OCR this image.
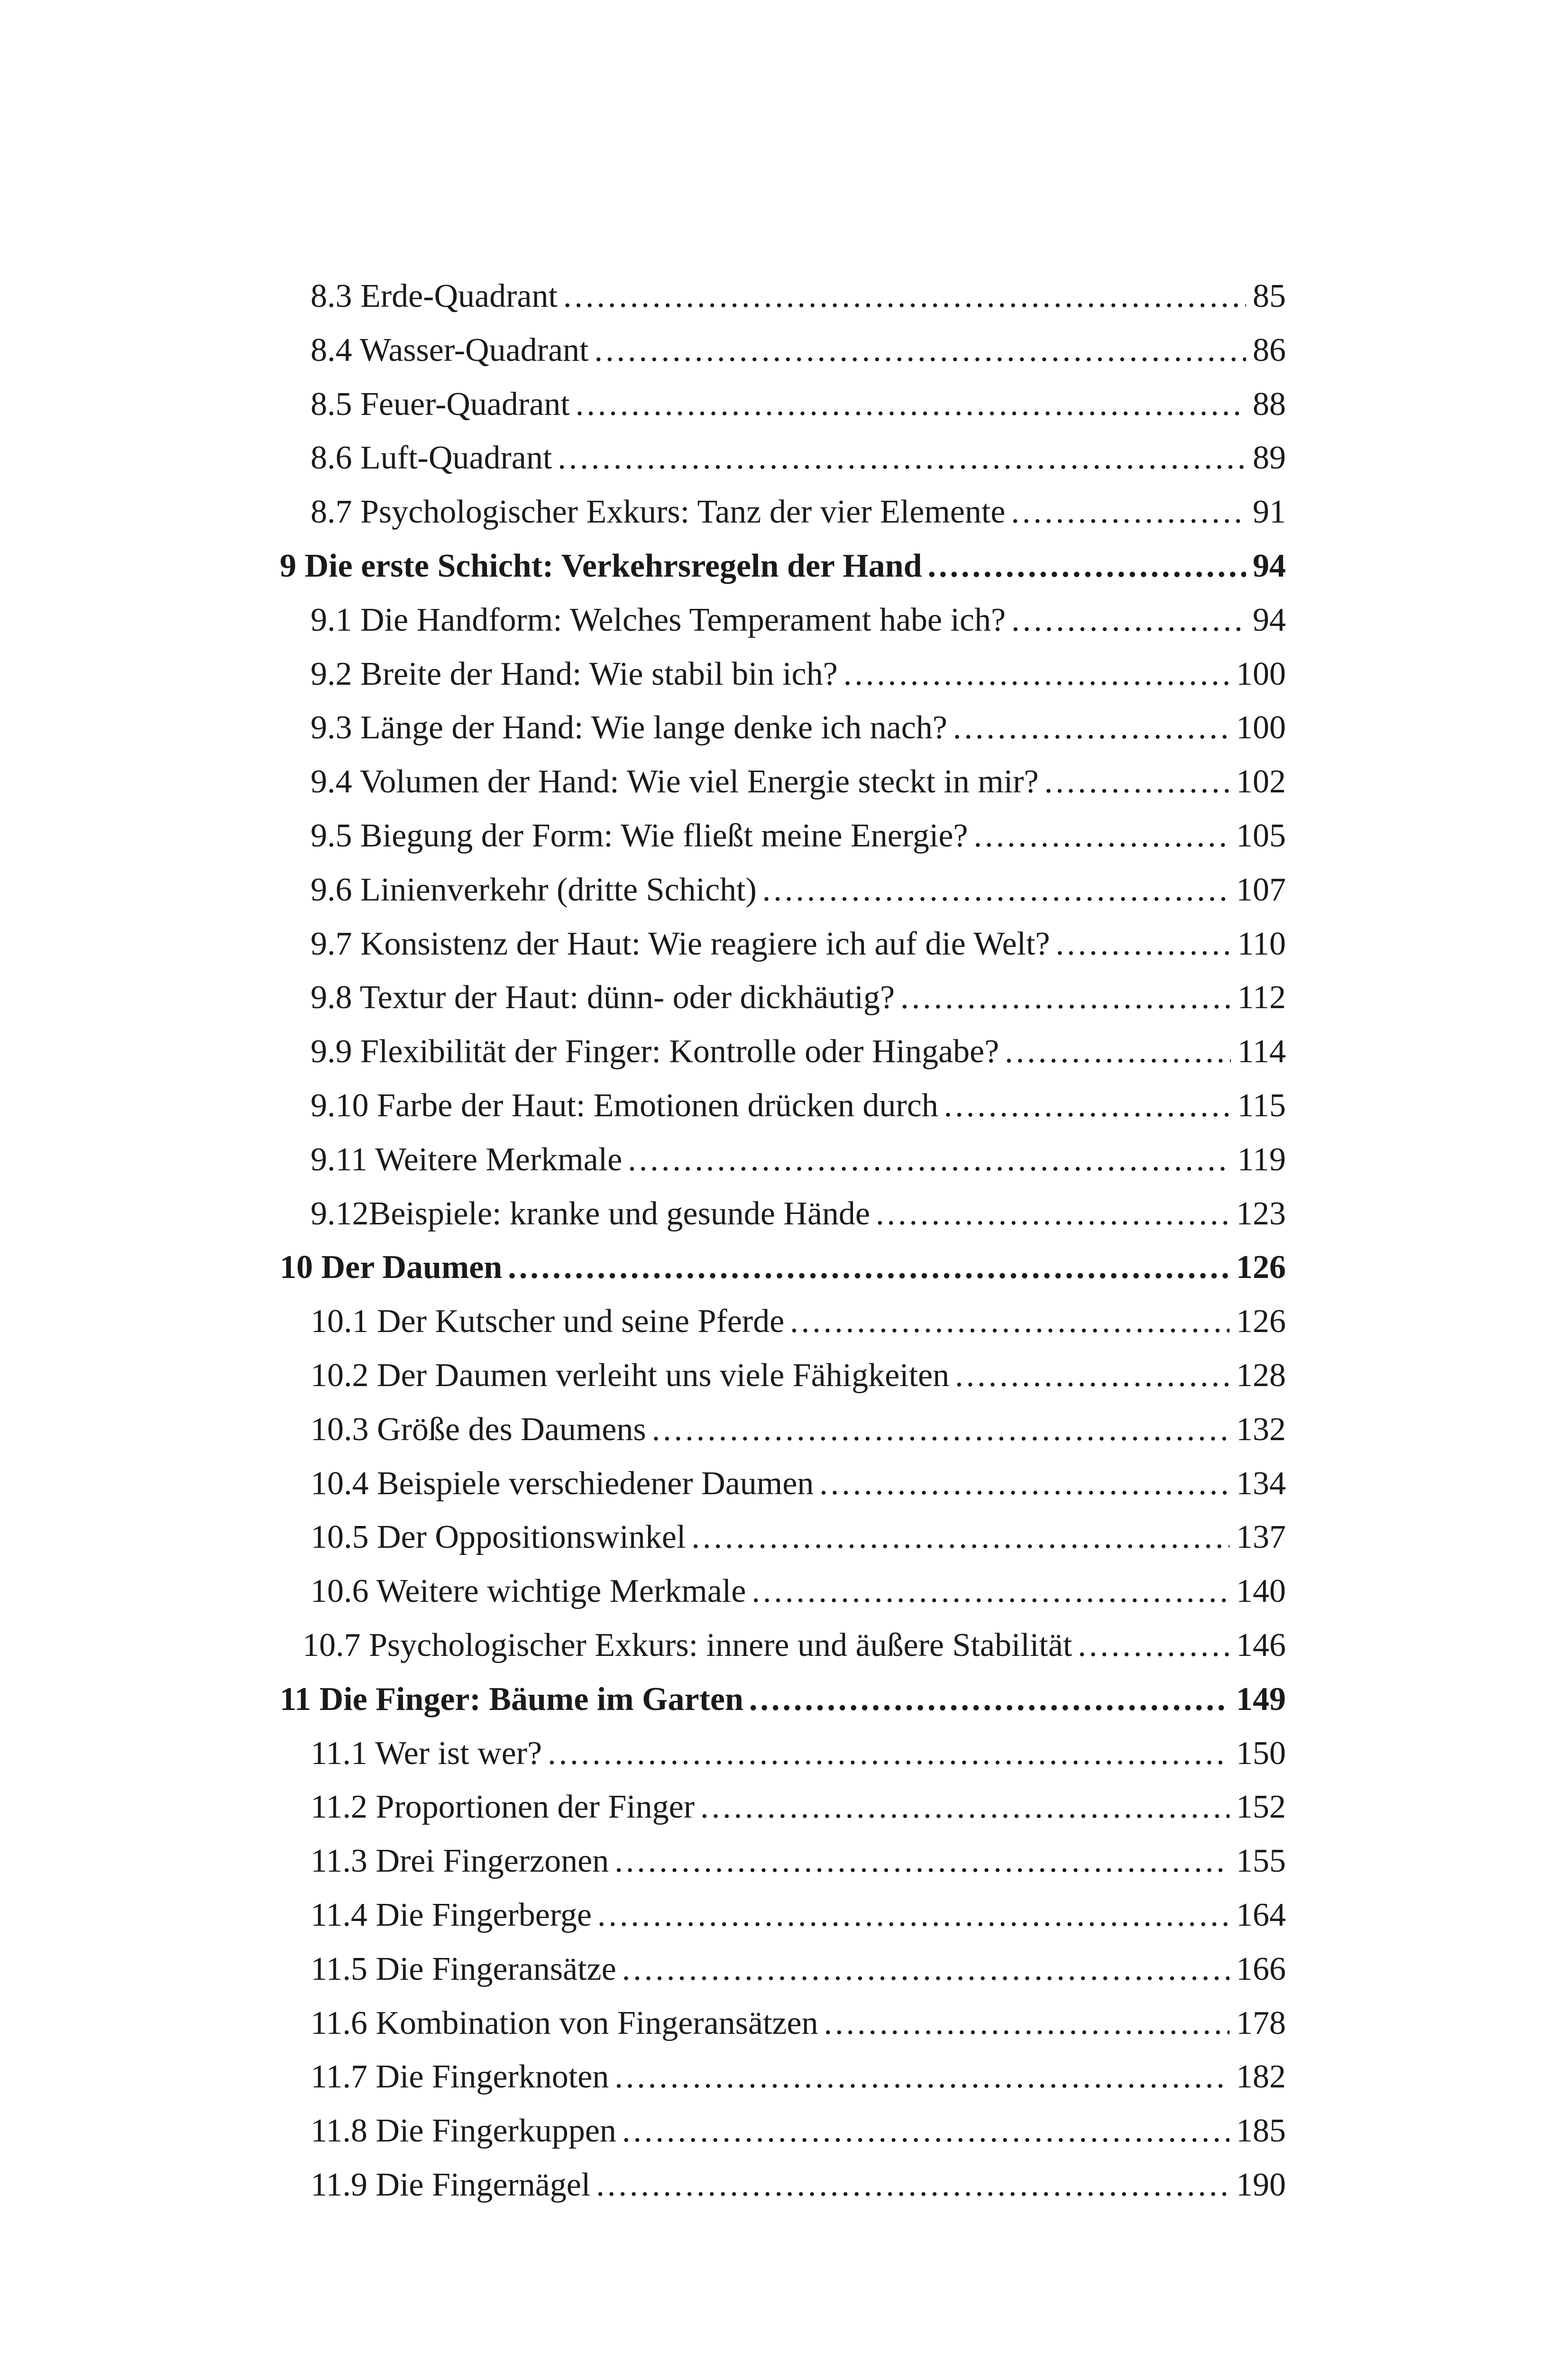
8.3 Erde-Quadrant .....	85
8.4 Wasser-Quadrant .....	86
8.5 Feuer-Quadrant .....	88
8.6 Luft-Quadrant .....	89
8.7 Psychologischer Exkurs: Tanz der vier Elemente .....	91
9 Die erste Schicht: Verkehrsregeln der Hand .....	94
9.1 Die Handform: Welches Temperament habe ich? .....	94
9.2 Breite der Hand: Wie stabil bin ich? .....	100
9.3 Länge der Hand: Wie lange denke ich nach? .....	100
9.4 Volumen der Hand: Wie viel Energie steckt in mir? .....	102
9.5 Biegung der Form: Wie fließt meine Energie? .....	105
9.6 Linienverkehr (dritte Schicht) .....	107
9.7 Konsistenz der Haut: Wie reagiere ich auf die Welt? .....	110
9.8 Textur der Haut: dünn- oder dickhäutig? .....	112
9.9 Flexibilität der Finger: Kontrolle oder Hingabe? .....	114
9.10 Farbe der Haut: Emotionen drücken durch .....	115
9.11 Weitere Merkmale .....	119
9.12Beispiele: kranke und gesunde Hände .....	123
10 Der Daumen .....	126
10.1 Der Kutscher und seine Pferde .....	126
10.2 Der Daumen verleiht uns viele Fähigkeiten .....	128
10.3 Größe des Daumens .....	132
10.4 Beispiele verschiedener Daumen .....	134
10.5 Der Oppositionswinkel .....	137
10.6 Weitere wichtige Merkmale .....	140
10.7 Psychologischer Exkurs: innere und äußere Stabilität .....	146
11 Die Finger: Bäume im Garten .....	149
11.1 Wer ist wer? .....	150
11.2 Proportionen der Finger .....	152
11.3 Drei Fingerzonen .....	155
11.4 Die Fingerberge .....	164
11.5 Die Fingeransätze .....	166
11.6 Kombination von Fingeransätzen .....	178
11.7 Die Fingerknoten .....	182
11.8 Die Fingerkuppen .....	185
11.9 Die Fingernägel .....	190
